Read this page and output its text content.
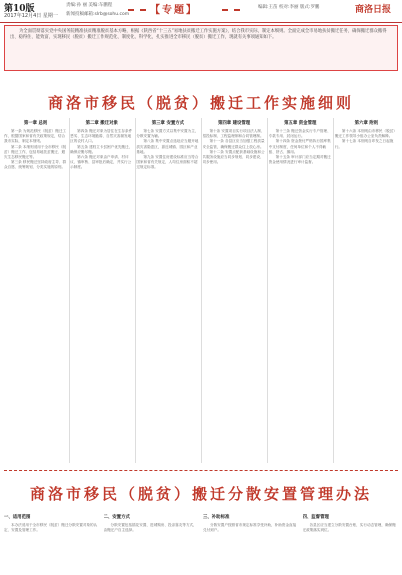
第10版
2017年12月4日 星期一
责编:孙 丽 美编:车鹏程
新闻投稿邮箱:slrb@sohu.com 【专题】	编辑:王苗 校对:李丽 版式:罗鹏	商洛日报
为全面贯彻落实党中央国务院精准扶贫精准脱贫基本方略，根据《陕西省“十三五”易地扶贫搬迁工作实施方案》，结合我市实际，制定本细则。全面完成全市易地扶贫搬迁任务，确保搬迁群众搬得出、稳得住、能致富，实现移民（脱贫）搬迁工作规范化、制度化、科学化，扎实推进全市移民（脱贫）搬迁工作，现就有关事项通知如下。
商洛市移民（脱贫）搬迁工作实施细则
第一章 总则

第一条 为规范移民（脱贫）搬迁工作，根据国家和省有关政策规定，结合我市实际，制定本细则。

第二条 本细则适用于全市移民（脱贫）搬迁工作，包括易地扶贫搬迁、避灾生态移民搬迁等。

第三条 移民搬迁坚持政府主导、群众自愿、统筹规划、分类实施的原则。

第二章 搬迁对象

第四条 搬迁对象为居住在生存条件恶劣、生态环境脆弱、自然灾害频发地区的农村人口。

第五条 建档立卡贫困户优先搬迁，确保应搬尽搬。

第六条 搬迁对象由户申请、村评议、镇审核、县审批后确定，并实行公示制度。

第三章 安置方式

第七条 安置方式以集中安置为主，分散安置为辅。

第八条 集中安置点选址应当避开地质灾害隐患区，靠近城镇、园区和产业基地。

第九条 安置住房建设标准应当符合国家和省有关规定，人均住房面积不超过规定标准。

第四章 建设管理

第十条 安置项目实行项目法人制、招投标制、工程监理制和合同管理制。

第十一条 各县区应当加强工程质量安全监管，确保搬迁群众住上放心房。

第十二条 安置点配套基础设施和公共服务设施应当同步规划、同步建设、同步使用。

第五章 资金管理

第十三条 搬迁资金实行专户管理、专款专用、封闭运行。

第十四条 资金拨付严格执行国库集中支付制度，任何单位和个人不得截留、挤占、挪用。

第十五条 审计部门应当定期对搬迁资金使用情况进行审计监督。

第六章 附则

第十六条 本细则由市移民（脱贫）搬迁工作领导小组办公室负责解释。

第十七条 本细则自印发之日起施行。

商洛市移民（脱贫）搬迁分散安置管理办法
一、适用范围

本办法适用于全市移民（脱贫）搬迁分散安置对象的认定、安置及管理工作。

二、安置方式

分散安置包括插花安置、进城购房、投亲靠友等方式，由搬迁户自主选择。

三、补助标准

分散安置户按照省市规定标准享受补助，补助资金直接兑付到户。

四、监督管理

各县区应当建立分散安置台账，实行动态管理，确保搬迁政策落实到位。
